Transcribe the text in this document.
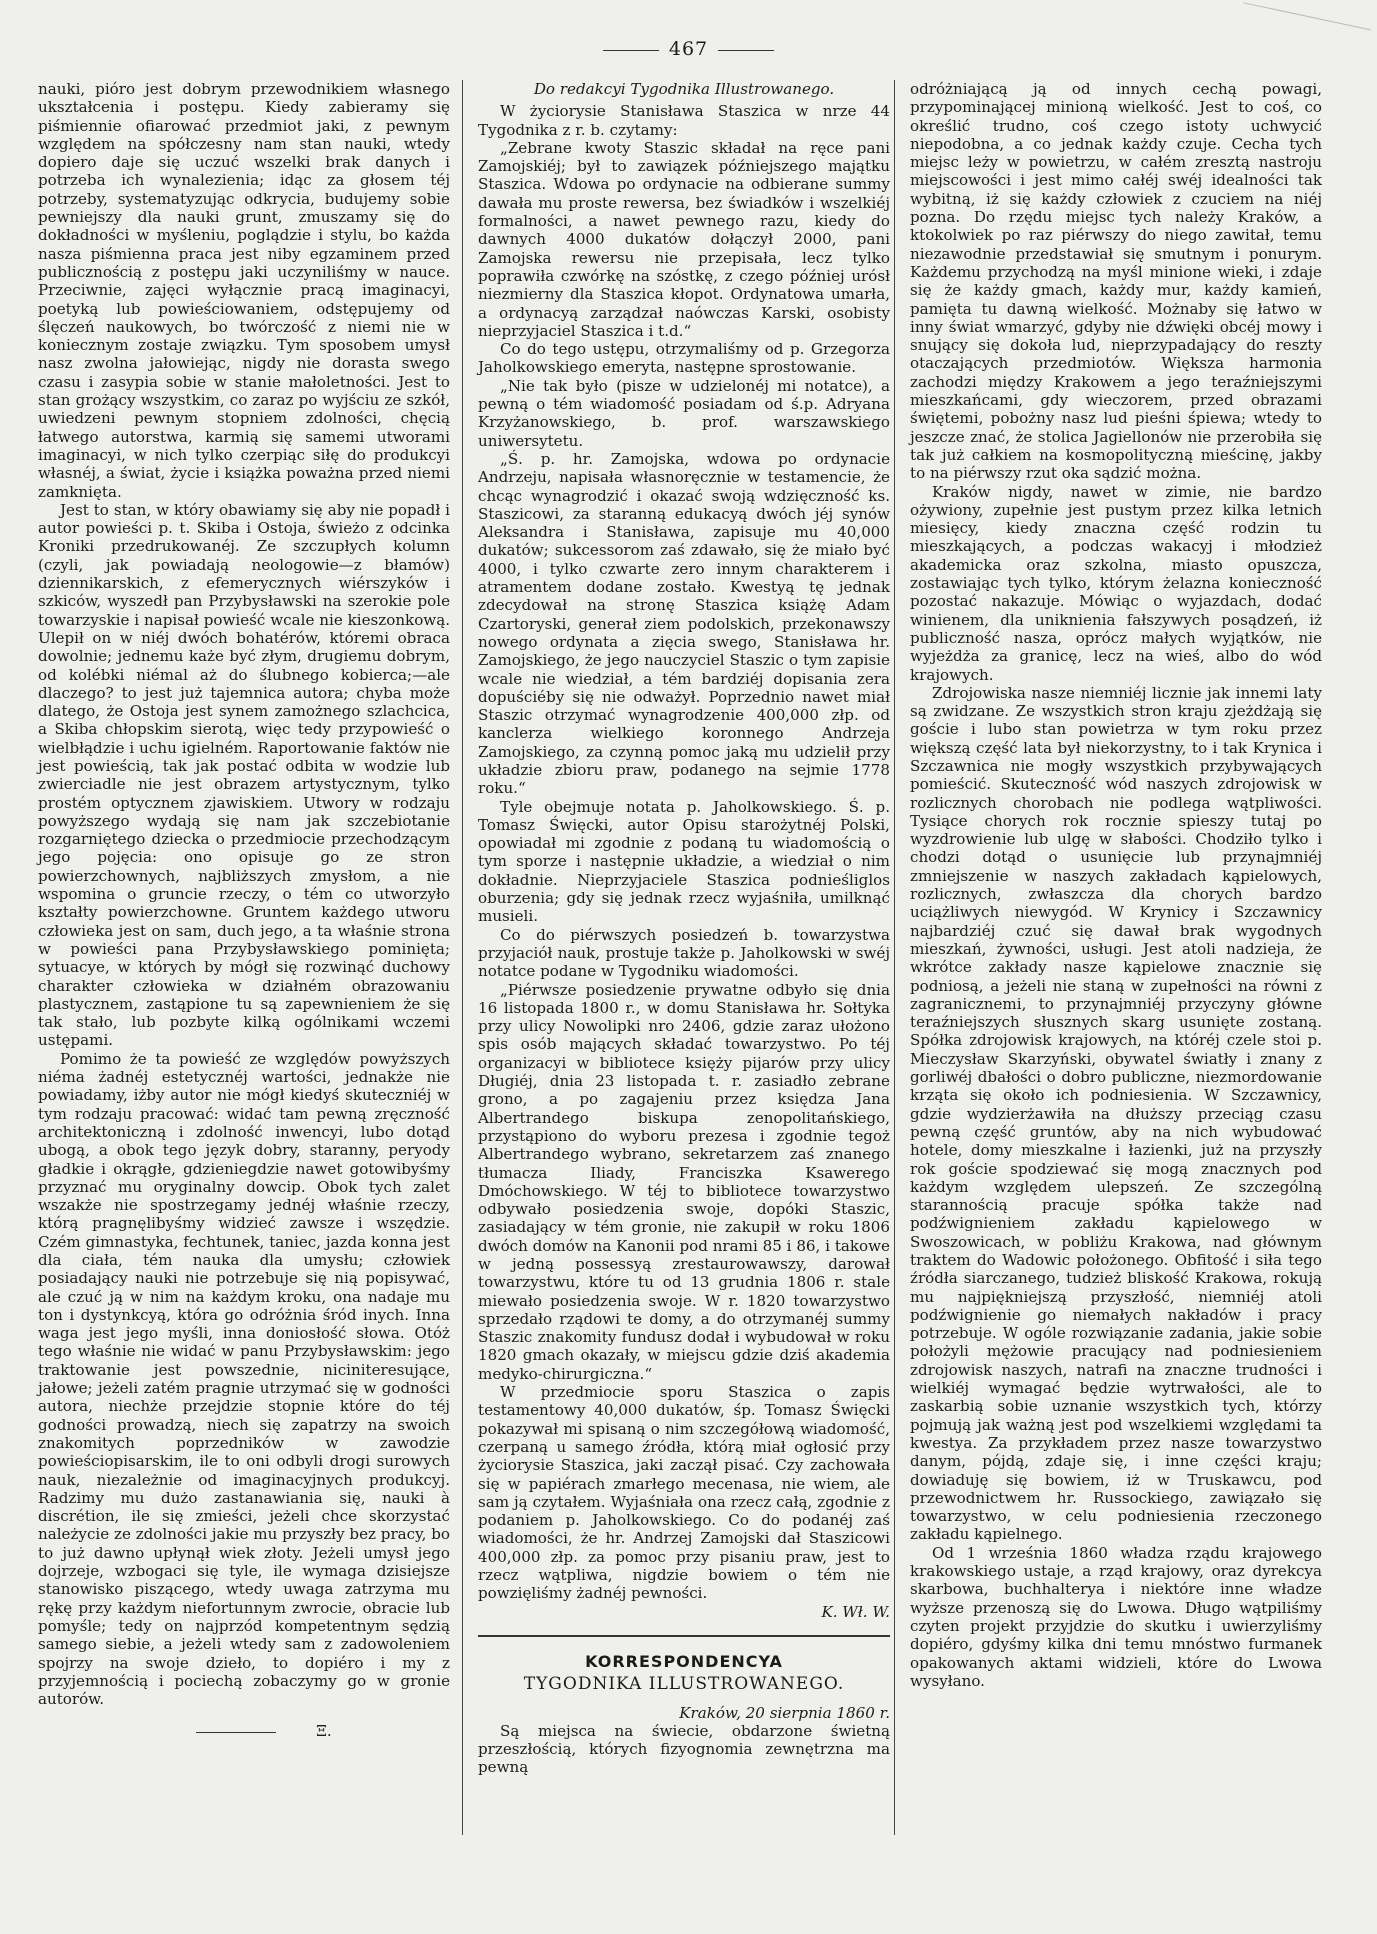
467

nauki, pióro jest dobrym przewodnikiem własnego ukształcenia i postępu. Kiedy zabieramy się piśmiennie ofiarować przedmiot jaki, z pewnym względem na spółczesny nam stan nauki, wtedy dopiero daje się uczuć wszelki brak danych i potrzeba ich wynalezienia; idąc za głosem téj potrzeby, systematyzując odkrycia, budujemy sobie pewniejszy dla nauki grunt, zmuszamy się do dokładności w myśleniu, poglądzie i stylu, bo każda nasza piśmienna praca jest niby egzaminem przed publicznością z postępu jaki uczyniliśmy w nauce. Przeciwnie, zajęci wyłącznie pracą imaginacyi, poetyką lub powieściowaniem, odstępujemy od ślęczeń naukowych, bo twórczość z niemi nie w koniecznym zostaje związku. Tym sposobem umysł nasz zwolna jałowiejąc, nigdy nie dorasta swego czasu i zasypia sobie w stanie małoletności. Jest to stan grożący wszystkim, co zaraz po wyjściu ze szkół, uwiedzeni pewnym stopniem zdolności, chęcią łatwego autorstwa, karmią się samemi utworami imaginacyi, w nich tylko czerpiąc siłę do produkcyi własnéj, a świat, życie i książka poważna przed niemi zamknięta.

Jest to stan, w który obawiamy się aby nie popadł i autor powieści p. t. Skiba i Ostoja, świeżo z odcinka Kroniki przedrukowanéj. Ze szczupłych kolumn (czyli, jak powiadają neologowie—z błamów) dziennikarskich, z efemerycznych wiérszyków i szkiców, wyszedł pan Przybysławski na szerokie pole towarzyskie i napisał powieść wcale nie kieszonkową. Ulepił on w niéj dwóch bohatérów, któremi obraca dowolnie; jednemu każe być złym, drugiemu dobrym, od kolébki niémal aż do ślubnego kobierca;—ale dlaczego? to jest już tajemnica autora; chyba może dlatego, że Ostoja jest synem zamożnego szlachcica, a Skiba chłopskim sierotą, więc tedy przypowieść o wielbłądzie i uchu igielném. Raportowanie faktów nie jest powieścią, tak jak postać odbita w wodzie lub zwierciadle nie jest obrazem artystycznym, tylko prostém optycznem zjawiskiem. Utwory w rodzaju powyższego wydają się nam jak szczebiotanie rozgarniętego dziecka o przedmiocie przechodzącym jego pojęcia: ono opisuje go ze stron powierzchownych, najbliższych zmysłom, a nie wspomina o gruncie rzeczy, o tém co utworzyło kształty powierzchowne. Gruntem każdego utworu człowieka jest on sam, duch jego, a ta właśnie strona w powieści pana Przybysławskiego pominięta; sytuacye, w których by mógł się rozwinąć duchowy charakter człowieka w działném obrazowaniu plastycznem, zastąpione tu są zapewnieniem że się tak stało, lub pozbyte kilką ogólnikami wczemi ustępami.

Pomimo że ta powieść ze względów powyższych niéma żadnéj estetycznéj wartości, jednakże nie powiadamy, iżby autor nie mógł kiedyś skuteczniéj w tym rodzaju pracować: widać tam pewną zręczność architektoniczną i zdolność inwencyi, lubo dotąd ubogą, a obok tego język dobry, staranny, peryody gładkie i okrągłe, gdzieniegdzie nawet gotowibyśmy przyznać mu oryginalny dowcip. Obok tych zalet wszakże nie spostrzegamy jednéj właśnie rzeczy, którą pragnęlibyśmy widzieć zawsze i wszędzie. Czém gimnastyka, fechtunek, taniec, jazda konna jest dla ciała, tém nauka dla umysłu; człowiek posiadający nauki nie potrzebuje się nią popisywać, ale czuć ją w nim na każdym kroku, ona nadaje mu ton i dystynkcyą, która go odróżnia śród inych. Inna waga jest jego myśli, inna doniosłość słowa. Otóż tego właśnie nie widać w panu Przybysławskim: jego traktowanie jest powszednie, niciniteresujące, jałowe; jeżeli zatém pragnie utrzymać się w godności autora, niechże przejdzie stopnie które do téj godności prowadzą, niech się zapatrzy na swoich znakomitych poprzedników w zawodzie powieściopisarskim, ile to oni odbyli drogi surowych nauk, niezależnie od imaginacyjnych produkcyj. Radzimy mu dużo zastanawiania się, nauki à discrétion, ile się zmieści, jeżeli chce skorzystać należycie ze zdolności jakie mu przyszły bez pracy, bo to już dawno upłynął wiek złoty. Jeżeli umysł jego dojrzeje, wzbogaci się tyle, ile wymaga dzisiejsze stanowisko piszącego, wtedy uwaga zatrzyma mu rękę przy każdym niefortunnym zwrocie, obracie lub pomyśle; tedy on najprzód kompetentnym sędzią samego siebie, a jeżeli wtedy sam z zadowoleniem spojrzy na swoje dzieło, to dopiéro i my z przyjemnością i pociechą zobaczymy go w gronie autorów.

Ξ.

Do redakcyi Tygodnika Illustrowanego.

W życiorysie Stanisława Staszica w nrze 44 Tygodnika z r. b. czytamy:

„Zebrane kwoty Staszic składał na ręce pani Zamojskiéj; był to zawiązek późniejszego majątku Staszica. Wdowa po ordynacie na odbierane summy dawała mu proste rewersa, bez świadków i wszelkiéj formalności, a nawet pewnego razu, kiedy do dawnych 4000 dukatów dołączył 2000, pani Zamojska rewersu nie przepisała, lecz tylko poprawiła czwórkę na szóstkę, z czego później urósł niezmierny dla Staszica kłopot. Ordynatowa umarła, a ordynacyą zarządzał naówczas Karski, osobisty nieprzyjaciel Staszica i t.d.“

Co do tego ustępu, otrzymaliśmy od p. Grzegorza Jaholkowskiego emeryta, następne sprostowanie.

„Nie tak było (pisze w udzielonéj mi notatce), a pewną o tém wiadomość posiadam od ś.p. Adryana Krzyżanowskiego, b. prof. warszawskiego uniwersytetu.

„Ś. p. hr. Zamojska, wdowa po ordynacie Andrzeju, napisała własnoręcznie w testamencie, że chcąc wynagrodzić i okazać swoją wdzięczność ks. Staszicowi, za staranną edukacyą dwóch jéj synów Aleksandra i Stanisława, zapisuje mu 40,000 dukatów; sukcessorom zaś zdawało, się że miało być 4000, i tylko czwarte zero innym charakterem i atramentem dodane zostało. Kwestyą tę jednak zdecydował na stronę Staszica książę Adam Czartoryski, generał ziem podolskich, przekonawszy nowego ordynata a zięcia swego, Stanisława hr. Zamojskiego, że jego nauczyciel Staszic o tym zapisie wcale nie wiedział, a tém bardziéj dopisania zera dopuściéby się nie odważył. Poprzednio nawet miał Staszic otrzymać wynagrodzenie 400,000 złp. od kanclerza wielkiego koronnego Andrzeja Zamojskiego, za czynną pomoc jaką mu udzielił przy układzie zbioru praw, podanego na sejmie 1778 roku.“

Tyle obejmuje notata p. Jaholkowskiego. Ś. p. Tomasz Święcki, autor Opisu starożytnéj Polski, opowiadał mi zgodnie z podaną tu wiadomością o tym sporze i następnie układzie, a wiedział o nim dokładnie. Nieprzyjaciele Staszica podnieśliglos oburzenia; gdy się jednak rzecz wyjaśniła, umilknąć musieli.

Co do piérwszych posiedzeń b. towarzystwa przyjaciół nauk, prostuje także p. Jaholkowski w swéj notatce podane w Tygodniku wiadomości.

„Piérwsze posiedzenie prywatne odbyło się dnia 16 listopada 1800 r., w domu Stanisława hr. Sołtyka przy ulicy Nowolipki nro 2406, gdzie zaraz ułożono spis osób mających składać towarzystwo. Po téj organizacyi w bibliotece księży pijarów przy ulicy Długiéj, dnia 23 listopada t. r. zasiadło zebrane grono, a po zagajeniu przez księdza Jana Albertrandego biskupa zenopolitańskiego, przystąpiono do wyboru prezesa i zgodnie tegoż Albertrandego wybrano, sekretarzem zaś znanego tłumacza Iliady, Franciszka Ksawerego Dmóchowskiego. W téj to bibliotece towarzystwo odbywało posiedzenia swoje, dopóki Staszic, zasiadający w tém gronie, nie zakupił w roku 1806 dwóch domów na Kanonii pod nrami 85 i 86, i takowe w jedną possessyą zrestaurowawszy, darował towarzystwu, które tu od 13 grudnia 1806 r. stale miewało posiedzenia swoje. W r. 1820 towarzystwo sprzedało rządowi te domy, a do otrzymanéj summy Staszic znakomity fundusz dodał i wybudował w roku 1820 gmach okazały, w miejscu gdzie dziś akademia medyko-chirurgiczna.“

W przedmiocie sporu Staszica o zapis testamentowy 40,000 dukatów, śp. Tomasz Święcki pokazywał mi spisaną o nim szczegółową wiadomość, czerpaną u samego źródła, którą miał ogłosić przy życiorysie Staszica, jaki zaczął pisać. Czy zachowała się w papiérach zmarłego mecenasa, nie wiem, ale sam ją czytałem. Wyjaśniała ona rzecz całą, zgodnie z podaniem p. Jaholkowskiego. Co do podanéj zaś wiadomości, że hr. Andrzej Zamojski dał Staszicowi 400,000 złp. za pomoc przy pisaniu praw, jest to rzecz wątpliwa, nigdzie bowiem o tém nie powzięliśmy żadnéj pewności.

K. Wł. W.

KORRESPONDENCYA

TYGODNIKA ILLUSTROWANEGO.

Kraków, 20 sierpnia 1860 r.

Są miejsca na świecie, obdarzone świetną przeszłością, których fizyognomia zewnętrzna ma pewną

odróżniającą ją od innych cechą powagi, przypominającej minioną wielkość. Jest to coś, co określić trudno, coś czego istoty uchwycić niepodobna, a co jednak każdy czuje. Cecha tych miejsc leży w powietrzu, w całém zresztą nastroju miejscowości i jest mimo całéj swéj idealności tak wybitną, iż się każdy człowiek z czuciem na niéj pozna. Do rzędu miejsc tych należy Kraków, a ktokolwiek po raz piérwszy do niego zawitał, temu niezawodnie przedstawiał się smutnym i ponurym. Każdemu przychodzą na myśl minione wieki, i zdaje się że każdy gmach, każdy mur, każdy kamień, pamięta tu dawną wielkość. Możnaby się łatwo w inny świat wmarzyć, gdyby nie dźwięki obcéj mowy i snujący się dokoła lud, nieprzypadający do reszty otaczających przedmiotów. Większa harmonia zachodzi między Krakowem a jego teraźniejszymi mieszkańcami, gdy wieczorem, przed obrazami świętemi, pobożny nasz lud pieśni śpiewa; wtedy to jeszcze znać, że stolica Jagiellonów nie przerobiła się tak już całkiem na kosmopolityczną mieścinę, jakby to na piérwszy rzut oka sądzić można.

Kraków nigdy, nawet w zimie, nie bardzo ożywiony, zupełnie jest pustym przez kilka letnich miesięcy, kiedy znaczna część rodzin tu mieszkających, a podczas wakacyj i młodzież akademicka oraz szkolna, miasto opuszcza, zostawiając tych tylko, którym żelazna konieczność pozostać nakazuje. Mówiąc o wyjazdach, dodać winienem, dla uniknienia fałszywych posądzeń, iż publiczność nasza, oprócz małych wyjątków, nie wyjeżdża za granicę, lecz na wieś, albo do wód krajowych.

Zdrojowiska nasze niemniéj licznie jak innemi laty są zwidzane. Ze wszystkich stron kraju zjeżdżają się goście i lubo stan powietrza w tym roku przez większą część lata był niekorzystny, to i tak Krynica i Szczawnica nie mogły wszystkich przybywających pomieścić. Skuteczność wód naszych zdrojowisk w rozlicznych chorobach nie podlega wątpliwości. Tysiące chorych rok rocznie spieszy tutaj po wyzdrowienie lub ulgę w słabości. Chodziło tylko i chodzi dotąd o usunięcie lub przynajmniéj zmniejszenie w naszych zakładach kąpielowych, rozlicznych, zwłaszcza dla chorych bardzo uciążliwych niewygód. W Krynicy i Szczawnicy najbardziéj czuć się dawał brak wygodnych mieszkań, żywności, usługi. Jest atoli nadzieja, że wkrótce zakłady nasze kąpielowe znacznie się podniosą, a jeżeli nie staną w zupełności na równi z zagranicznemi, to przynajmniéj przyczyny główne teraźniejszych słusznych skarg usunięte zostaną. Spółka zdrojowisk krajowych, na któréj czele stoi p. Mieczysław Skarzyński, obywatel światły i znany z gorliwéj dbałości o dobro publiczne, niezmordowanie krząta się około ich podniesienia. W Szczawnicy, gdzie wydzierżawiła na dłuższy przeciąg czasu pewną część gruntów, aby na nich wybudować hotele, domy mieszkalne i łazienki, już na przyszły rok goście spodziewać się mogą znacznych pod każdym względem ulepszeń. Ze szczególną starannością pracuje spółka także nad podźwignieniem zakładu kąpielowego w Swoszowicach, w pobliżu Krakowa, nad głównym traktem do Wadowic położonego. Obfitość i siła tego źródła siarczanego, tudzież bliskość Krakowa, rokują mu najpiękniejszą przyszłość, niemniéj atoli podźwignienie go niemałych nakładów i pracy potrzebuje. W ogóle rozwiązanie zadania, jakie sobie położyli mężowie pracujący nad podniesieniem zdrojowisk naszych, natrafi na znaczne trudności i wielkiéj wymagać będzie wytrwałości, ale to zaskarbią sobie uznanie wszystkich tych, którzy pojmują jak ważną jest pod wszelkiemi względami ta kwestya. Za przykładem przez nasze towarzystwo danym, pójdą, zdaje się, i inne części kraju; dowiaduję się bowiem, iż w Truskawcu, pod przewodnictwem hr. Russockiego, zawiązało się towarzystwo, w celu podniesienia rzeczonego zakładu kąpielnego.

Od 1 września 1860 władza rządu krajowego krakowskiego ustaje, a rząd krajowy, oraz dyrekcya skarbowa, buchhalterya i niektóre inne władze wyższe przenoszą się do Lwowa. Długo wątpiliśmy czyten projekt przyjdzie do skutku i uwierzyliśmy dopiéro, gdyśmy kilka dni temu mnóstwo furmanek opakowanych aktami widzieli, które do Lwowa wysyłano.
